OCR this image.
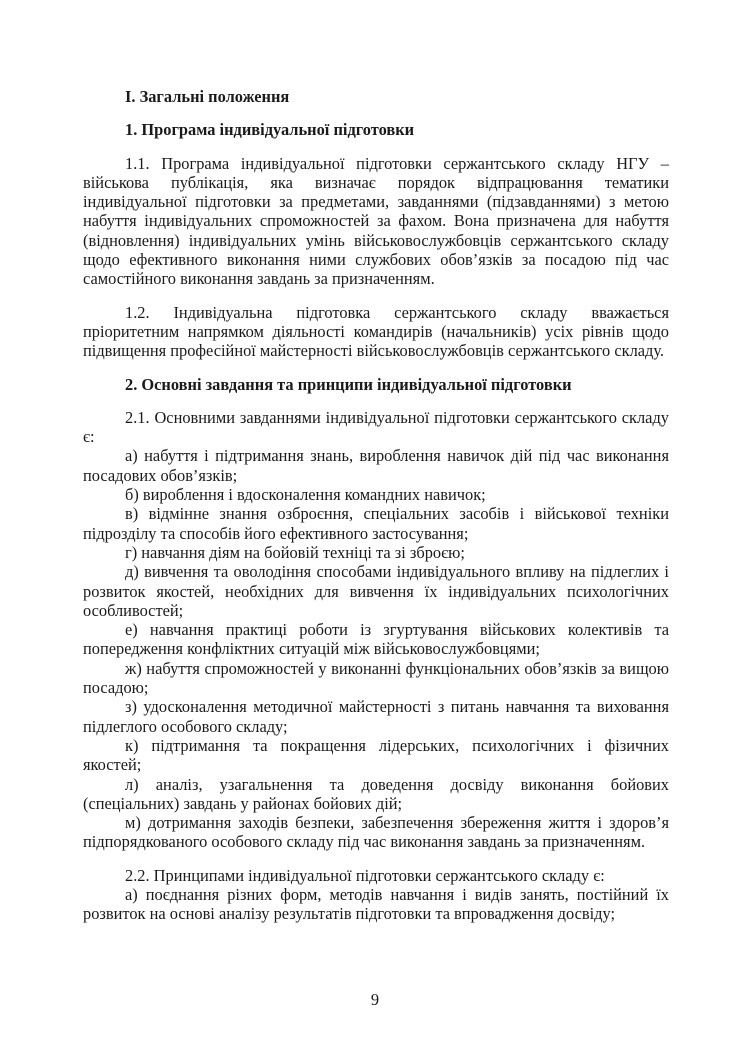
І. Загальні положення

1. Програма індивідуальної підготовки

1.1. Програма індивідуальної підготовки сержантського складу НГУ – військова публікація, яка визначає порядок відпрацювання тематики індивідуальної підготовки за предметами, завданнями (підзавданнями) з метою набуття індивідуальних спроможностей за фахом. Вона призначена для набуття (відновлення) індивідуальних умінь військовослужбовців сержантського складу щодо ефективного виконання ними службових обов’язків за посадою під час самостійного виконання завдань за призначенням.

1.2. Індивідуальна підготовка сержантського складу вважається пріоритетним напрямком діяльності командирів (начальників) усіх рівнів щодо підвищення професійної майстерності військовослужбовців сержантського складу.

2. Основні завдання та принципи індивідуальної підготовки

2.1. Основними завданнями індивідуальної підготовки сержантського складу є:

а) набуття і підтримання знань, вироблення навичок дій під час виконання посадових обов’язків;

б) вироблення і вдосконалення командних навичок;

в) відмінне знання озброєння, спеціальних засобів і військової техніки підрозділу та способів його ефективного застосування;

г) навчання діям на бойовій техніці та зі зброєю;

д) вивчення та оволодіння способами індивідуального впливу на підлеглих і розвиток якостей, необхідних для вивчення їх індивідуальних психологічних особливостей;

е) навчання практиці роботи із згуртування військових колективів та попередження конфліктних ситуацій між військовослужбовцями;

ж) набуття спроможностей у виконанні функціональних обов’язків за вищою посадою;

з) удосконалення методичної майстерності з питань навчання та виховання підлеглого особового складу;

к) підтримання та покращення лідерських, психологічних і фізичних якостей;

л) аналіз, узагальнення та доведення досвіду виконання бойових (спеціальних) завдань у районах бойових дій;

м) дотримання заходів безпеки, забезпечення збереження життя і здоров’я підпорядкованого особового складу під час виконання завдань за призначенням.

2.2. Принципами індивідуальної підготовки сержантського складу є:

а) поєднання різних форм, методів навчання і видів занять, постійний їх розвиток на основі аналізу результатів підготовки та впровадження досвіду;

9
